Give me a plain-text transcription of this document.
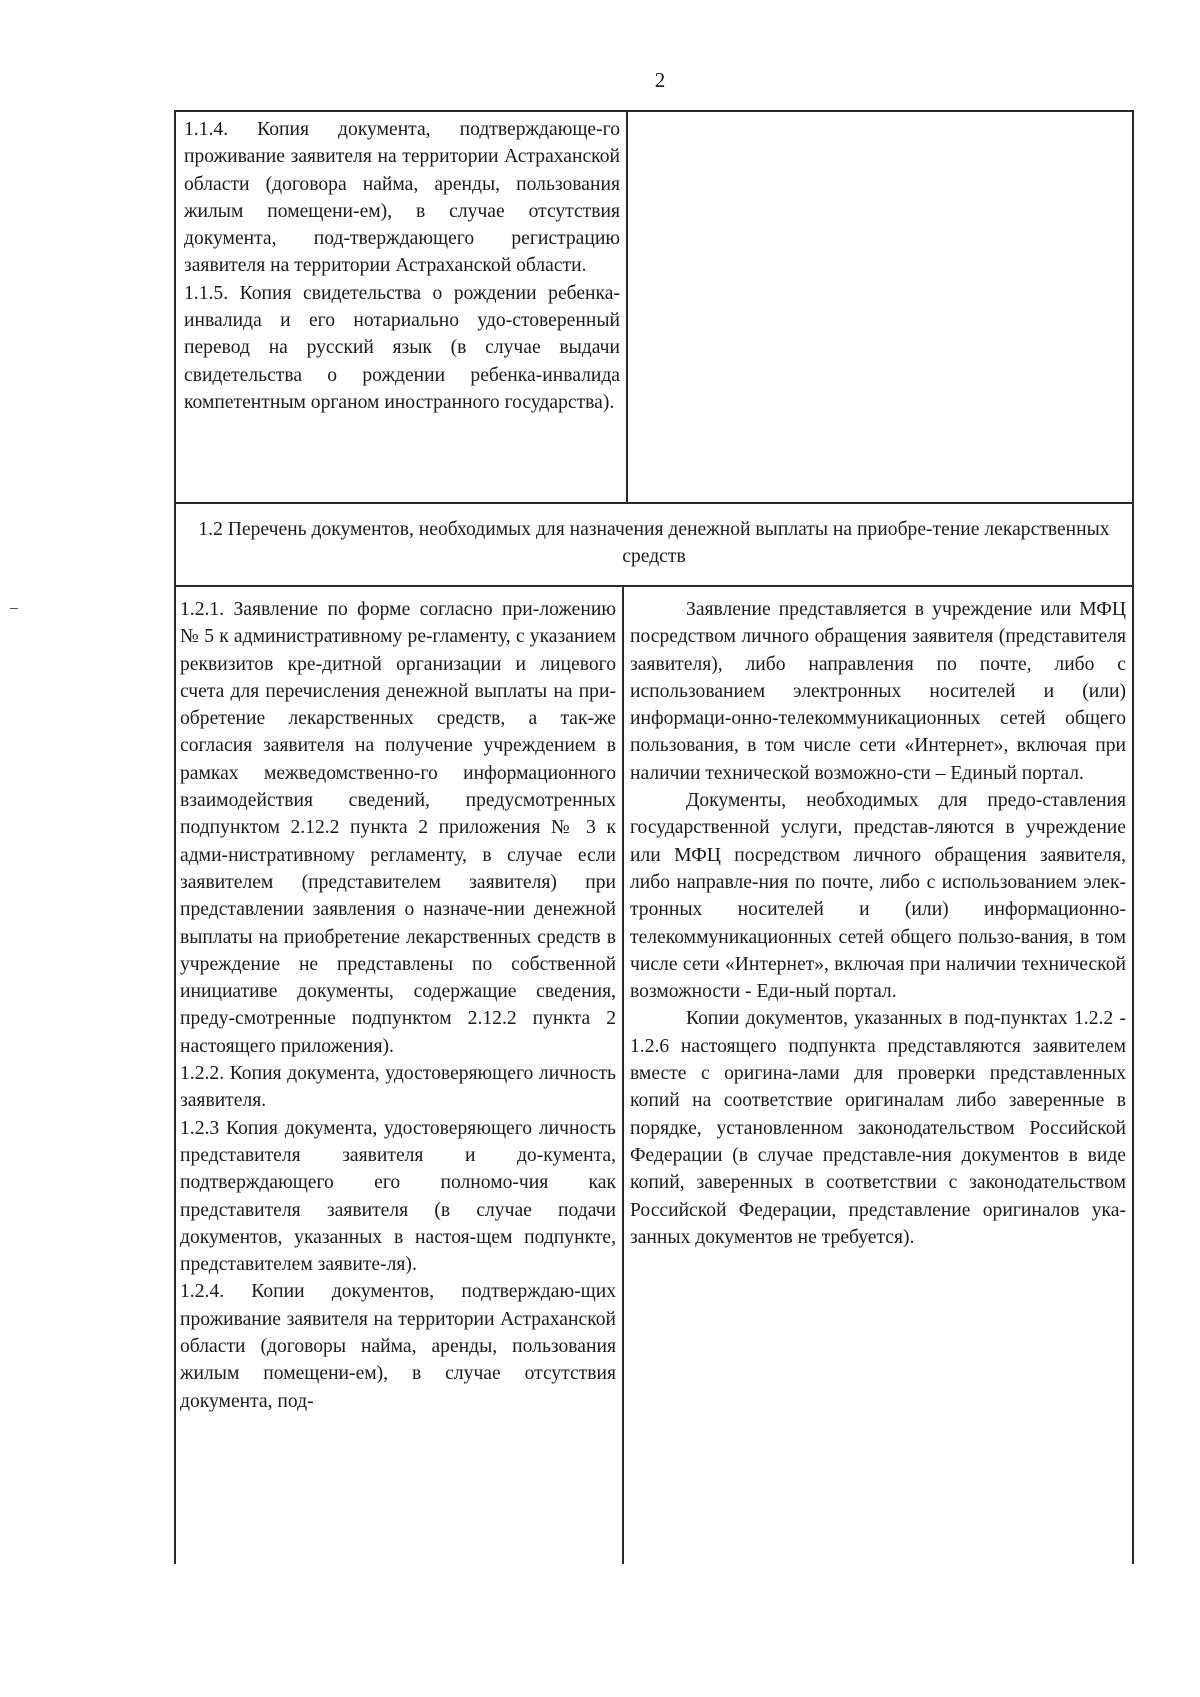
2

1.1.4. Копия документа, подтверждающе-го проживание заявителя на территории Астраханской области (договора найма, аренды, пользования жилым помещени-ем), в случае отсутствия документа, под-тверждающего регистрацию заявителя на территории Астраханской области.

1.1.5. Копия свидетельства о рождении ребенка-инвалида и его нотариально удо-стоверенный перевод на русский язык (в случае выдачи свидетельства о рождении ребенка-инвалида компетентным органом иностранного государства).

1.2 Перечень документов, необходимых для назначения денежной выплаты на приобре-тение лекарственных средств

1.2.1. Заявление по форме согласно при-ложению № 5 к административному ре-гламенту, с указанием реквизитов кре-дитной организации и лицевого счета для перечисления денежной выплаты на при-обретение лекарственных средств, а так-же согласия заявителя на получение учреждением в рамках межведомственно-го информационного взаимодействия сведений, предусмотренных подпунктом 2.12.2 пункта 2 приложения № 3 к адми-нистративному регламенту, в случае если заявителем (представителем заявителя) при представлении заявления о назначе-нии денежной выплаты на приобретение лекарственных средств в учреждение не представлены по собственной инициативе документы, содержащие сведения, преду-смотренные подпунктом 2.12.2 пункта 2 настоящего приложения).

1.2.2. Копия документа, удостоверяющего личность заявителя.

1.2.3 Копия документа, удостоверяющего личность представителя заявителя и до-кумента, подтверждающего его полномо-чия как представителя заявителя (в случае подачи документов, указанных в настоя-щем подпункте, представителем заявите-ля).

1.2.4. Копии документов, подтверждаю-щих проживание заявителя на территории Астраханской области (договоры найма, аренды, пользования жилым помещени-ем), в случае отсутствия документа, под-

Заявление представляется в учреждение или МФЦ посредством личного обращения заявителя (представителя заявителя), либо направления по почте, либо с использованием электронных носителей и (или) информаци-онно-телекоммуникационных сетей общего пользования, в том числе сети «Интернет», включая при наличии технической возможно-сти – Единый портал.

Документы, необходимых для предо-ставления государственной услуги, представ-ляются в учреждение или МФЦ посредством личного обращения заявителя, либо направле-ния по почте, либо с использованием элек-тронных носителей и (или) информационно-телекоммуникационных сетей общего пользо-вания, в том числе сети «Интернет», включая при наличии технической возможности - Еди-ный портал.

Копии документов, указанных в под-пунктах 1.2.2 - 1.2.6 настоящего подпункта представляются заявителем вместе с оригина-лами для проверки представленных копий на соответствие оригиналам либо заверенные в порядке, установленном законодательством Российской Федерации (в случае представле-ния документов в виде копий, заверенных в соответствии с законодательством Российской Федерации, представление оригиналов ука-занных документов не требуется).
